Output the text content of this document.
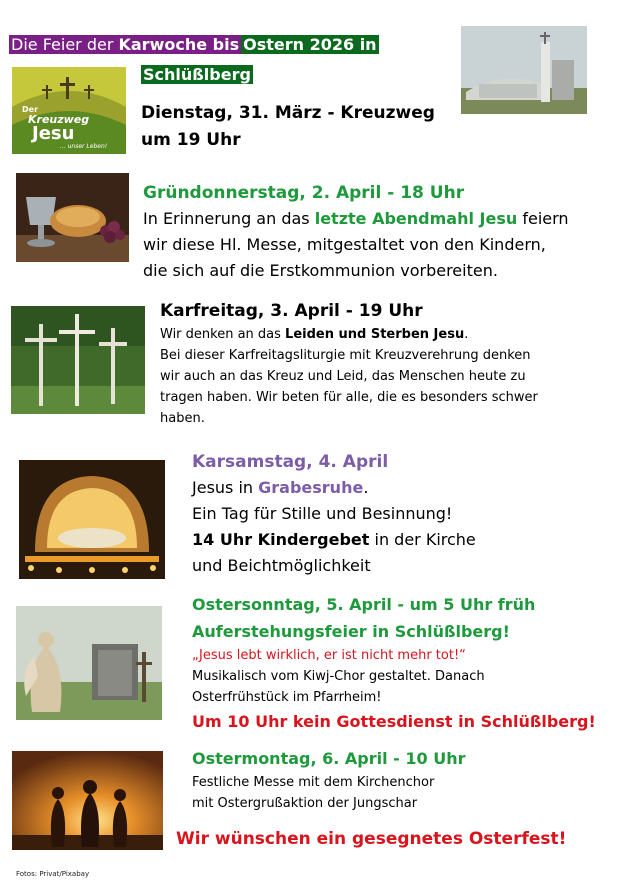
Die Feier der Karwoche bis Ostern 2026 in
Schlüßlberg
Der
Kreuzweg
Jesu
... unser Leben!
Dienstag, 31. März - Kreuzweg
um 19 Uhr
Gründonnerstag, 2. April - 18 Uhr
In Erinnerung an das letzte Abendmahl Jesu feiern
wir diese Hl. Messe, mitgestaltet von den Kindern,
die sich auf die Erstkommunion vorbereiten.
Karfreitag, 3. April - 19 Uhr
Wir denken an das Leiden und Sterben Jesu.
Bei dieser Karfreitagsliturgie mit Kreuzverehrung denken
wir auch an das Kreuz und Leid, das Menschen heute zu
tragen haben. Wir beten für alle, die es besonders schwer
haben.
Karsamstag, 4. April
Jesus in Grabesruhe.
Ein Tag für Stille und Besinnung!
14 Uhr Kindergebet in der Kirche
und Beichtmöglichkeit
Ostersonntag, 5. April - um 5 Uhr früh
Auferstehungsfeier in Schlüßlberg!
„Jesus lebt wirklich, er ist nicht mehr tot!“
Musikalisch vom Kiwj-Chor gestaltet. Danach
Osterfrühstück im Pfarrheim!
Um 10 Uhr kein Gottesdienst in Schlüßlberg!
Ostermontag, 6. April - 10 Uhr
Festliche Messe mit dem Kirchenchor
mit Ostergrußaktion der Jungschar
Wir wünschen ein gesegnetes Osterfest!
Fotos: Privat/Pixabay
